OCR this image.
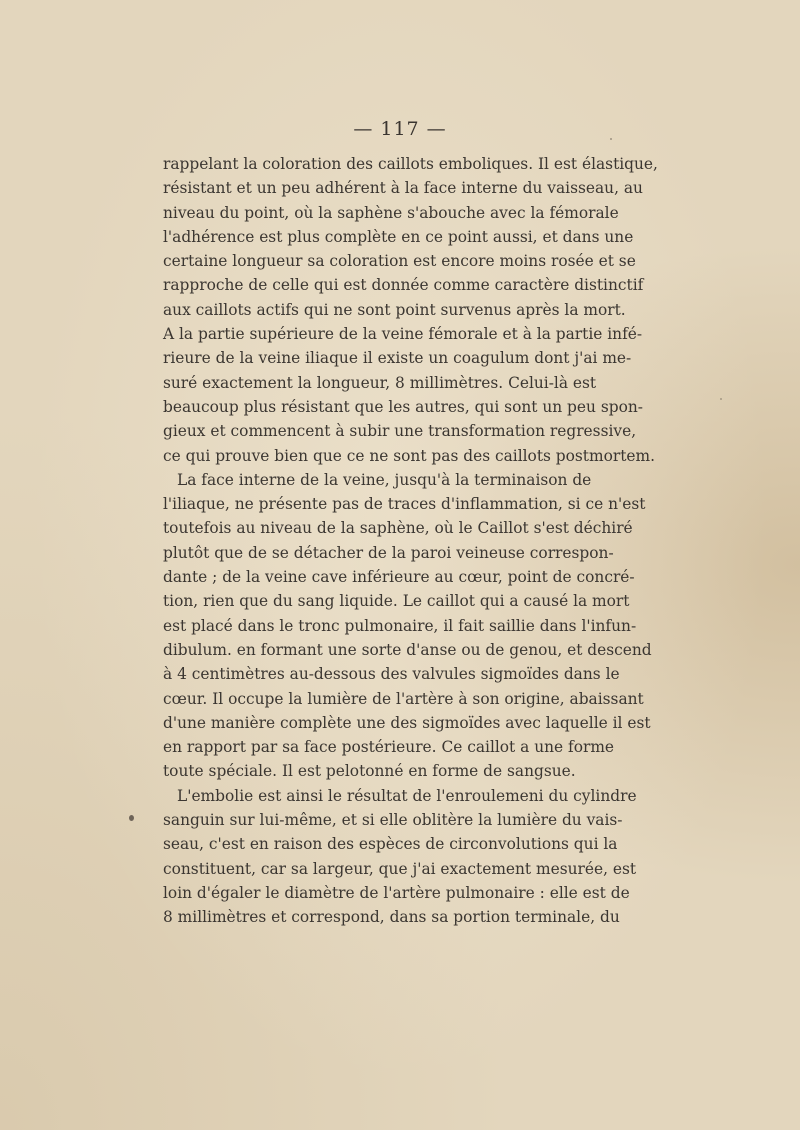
— 117 —
rappelant la coloration des caillots emboliques. Il est élastique,
résistant et un peu adhérent à la face interne du vaisseau, au
niveau du point, où la saphène s'abouche avec la fémorale
l'adhérence est plus complète en ce point aussi, et dans une
certaine longueur sa coloration est encore moins rosée et se
rapproche de celle qui est donnée comme caractère distinctif
aux caillots actifs qui ne sont point survenus après la mort.
A la partie supérieure de la veine fémorale et à la partie infé-
rieure de la veine iliaque il existe un coagulum dont j'ai me-
suré exactement la longueur, 8 millimètres. Celui-là est
beaucoup plus résistant que les autres, qui sont un peu spon-
gieux et commencent à subir une transformation regressive,
ce qui prouve bien que ce ne sont pas des caillots postmortem.
La face interne de la veine, jusqu'à la terminaison de
l'iliaque, ne présente pas de traces d'inflammation, si ce n'est
toutefois au niveau de la saphène, où le Caillot s'est déchiré
plutôt que de se détacher de la paroi veineuse correspon-
dante ; de la veine cave inférieure au cœur, point de concré-
tion, rien que du sang liquide. Le caillot qui a causé la mort
est placé dans le tronc pulmonaire, il fait saillie dans l'infun-
dibulum. en formant une sorte d'anse ou de genou, et descend
à 4 centimètres au-dessous des valvules sigmoïdes dans le
cœur. Il occupe la lumière de l'artère à son origine, abaissant
d'une manière complète une des sigmoïdes avec laquelle il est
en rapport par sa face postérieure. Ce caillot a une forme
toute spéciale. Il est pelotonné en forme de sangsue.
L'embolie est ainsi le résultat de l'enroulemeni du cylindre
sanguin sur lui-même, et si elle oblitère la lumière du vais-
seau, c'est en raison des espèces de circonvolutions qui la
constituent, car sa largeur, que j'ai exactement mesurée, est
loin d'égaler le diamètre de l'artère pulmonaire : elle est de
8 millimètres et correspond, dans sa portion terminale, du
